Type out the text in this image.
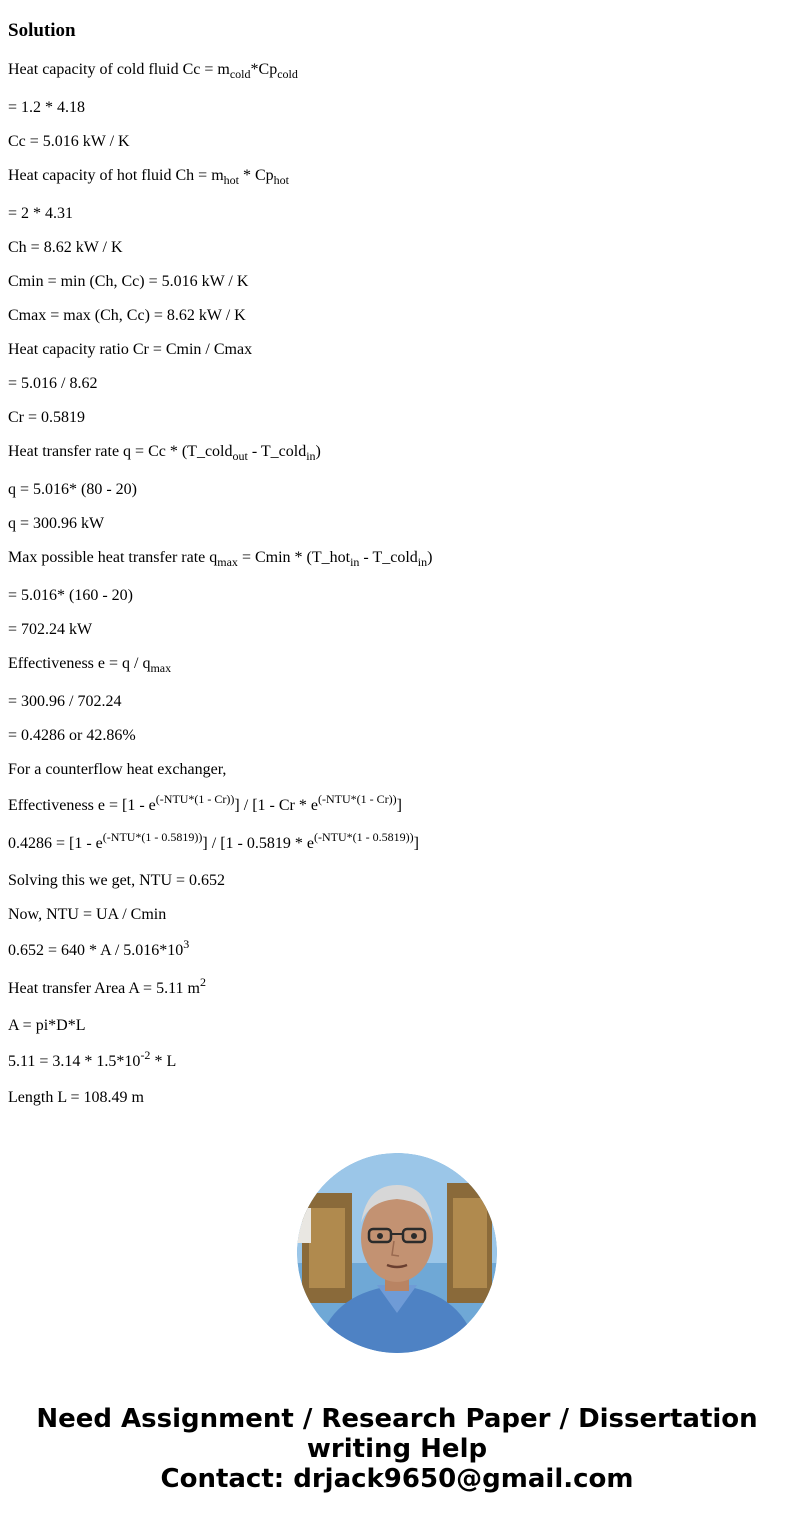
Solution
Heat capacity of cold fluid $Cc = m_{cold}*Cp_{cold}$
= 1.2 * 4.18
Cc = 5.016 kW / K
Heat capacity of hot fluid $Ch = m_{hot} * Cp_{hot}$
= 2 * 4.31
Ch = 8.62 kW / K
Cmin = min (Ch, Cc) = 5.016 kW / K
Cmax = max (Ch, Cc) = 8.62 kW / K
Heat capacity ratio Cr = Cmin / Cmax
= 5.016 / 8.62
Cr = 0.5819
Heat transfer rate q = Cc * (T_cold$_{out}$ - T_cold$_{in}$)
q = 5.016* (80 - 20)
q = 300.96 kW
Max possible heat transfer rate $q_{max} = Cmin$ * (T_hot$_{in}$ - T_cold$_{in}$)
= 5.016* (160 - 20)
= 702.24 kW
Effectiveness $e = q / q_{max}$
= 300.96 / 702.24
= 0.4286 or 42.86%
For a counterflow heat exchanger,
Effectiveness $e = [1 - e^{(-NTU*(1 - Cr))}] / [1 - Cr * e^{(-NTU*(1 - Cr))}]$
$0.4286 = [1 - e^{(-NTU*(1 - 0.5819))}] / [1 - 0.5819 * e^{(-NTU*(1 - 0.5819))}]$
Solving this we get, NTU = 0.652
Now, NTU = UA / Cmin
$0.652 = 640 * A / 5.016*10^3$
Heat transfer Area A = 5.11 $m^2$
A = pi*D*L
$5.11 = 3.14 * 1.5*10^{-2} * L$
Length L = 108.49 m
Need Assignment / Research Paper / Dissertation
writing Help
Contact: drjack9650@gmail.com
